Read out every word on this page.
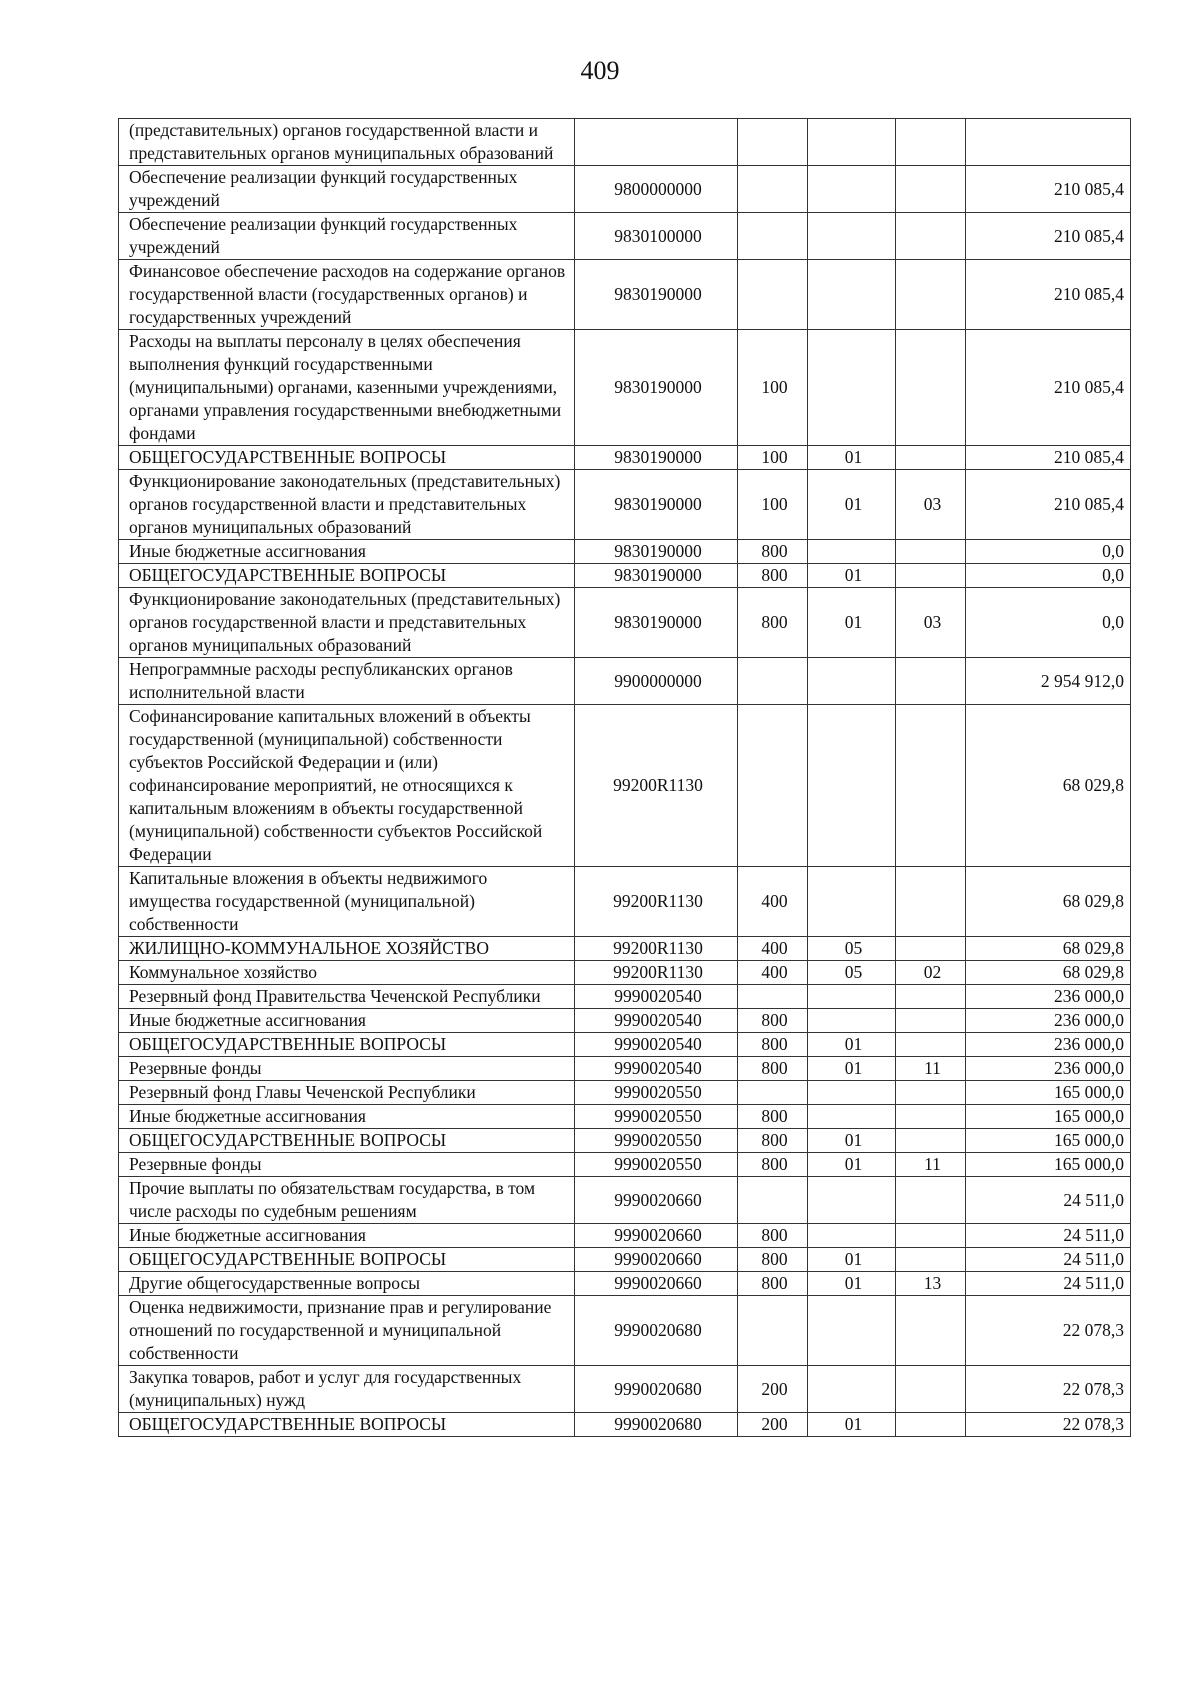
409
(представительных) органов государственной власти и представительных органов муниципальных образований					
Обеспечение реализации функций государственных учреждений	9800000000				210 085,4
Обеспечение реализации функций государственных учреждений	9830100000				210 085,4
Финансовое обеспечение расходов на содержание органов государственной власти (государственных органов) и государственных учреждений	9830190000				210 085,4
Расходы на выплаты персоналу в целях обеспечения выполнения функций государственными (муниципальными) органами, казенными учреждениями, органами управления государственными внебюджетными фондами	9830190000	100			210 085,4
ОБЩЕГОСУДАРСТВЕННЫЕ ВОПРОСЫ	9830190000	100	01		210 085,4
Функционирование законодательных (представительных) органов государственной власти и представительных органов муниципальных образований	9830190000	100	01	03	210 085,4
Иные бюджетные ассигнования	9830190000	800			0,0
ОБЩЕГОСУДАРСТВЕННЫЕ ВОПРОСЫ	9830190000	800	01		0,0
Функционирование законодательных (представительных) органов государственной власти и представительных органов муниципальных образований	9830190000	800	01	03	0,0
Непрограммные расходы республиканских органов исполнительной власти	9900000000				2 954 912,0
Софинансирование капитальных вложений в объекты государственной (муниципальной) собственности субъектов Российской Федерации и (или) софинансирование мероприятий, не относящихся к капитальным вложениям в объекты государственной (муниципальной) собственности субъектов Российской Федерации	99200R1130				68 029,8
Капитальные вложения в объекты недвижимого имущества государственной (муниципальной) собственности	99200R1130	400			68 029,8
ЖИЛИЩНО-КОММУНАЛЬНОЕ ХОЗЯЙСТВО	99200R1130	400	05		68 029,8
Коммунальное хозяйство	99200R1130	400	05	02	68 029,8
Резервный фонд Правительства Чеченской Республики	9990020540				236 000,0
Иные бюджетные ассигнования	9990020540	800			236 000,0
ОБЩЕГОСУДАРСТВЕННЫЕ ВОПРОСЫ	9990020540	800	01		236 000,0
Резервные фонды	9990020540	800	01	11	236 000,0
Резервный фонд Главы Чеченской Республики	9990020550				165 000,0
Иные бюджетные ассигнования	9990020550	800			165 000,0
ОБЩЕГОСУДАРСТВЕННЫЕ ВОПРОСЫ	9990020550	800	01		165 000,0
Резервные фонды	9990020550	800	01	11	165 000,0
Прочие выплаты по обязательствам государства, в том числе расходы по судебным решениям	9990020660				24 511,0
Иные бюджетные ассигнования	9990020660	800			24 511,0
ОБЩЕГОСУДАРСТВЕННЫЕ ВОПРОСЫ	9990020660	800	01		24 511,0
Другие общегосударственные вопросы	9990020660	800	01	13	24 511,0
Оценка недвижимости, признание прав и регулирование отношений по государственной и муниципальной собственности	9990020680				22 078,3
Закупка товаров, работ и услуг для государственных (муниципальных) нужд	9990020680	200			22 078,3
ОБЩЕГОСУДАРСТВЕННЫЕ ВОПРОСЫ	9990020680	200	01		22 078,3
